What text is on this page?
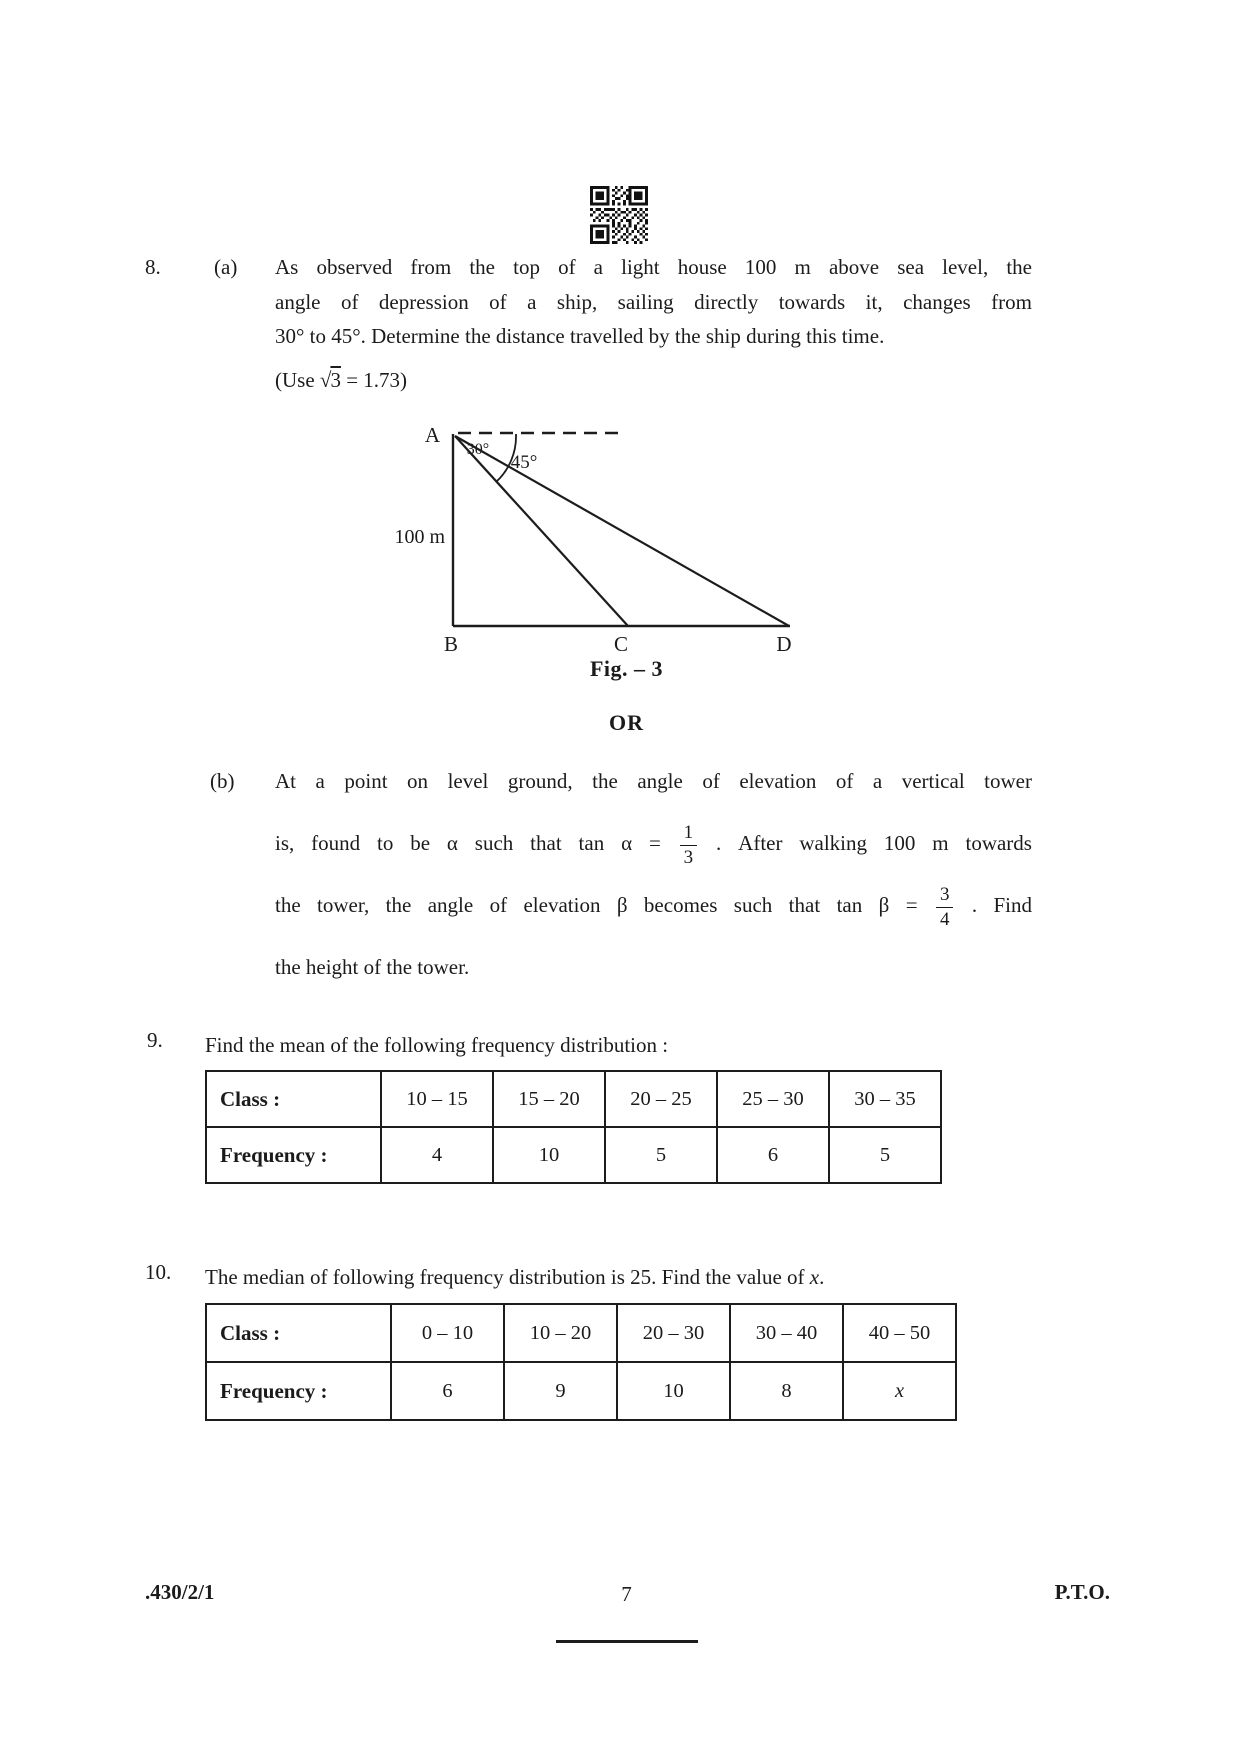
8.	(a) As observed from the top of a light house 100 m above sea level, the
angle of depression of a ship, sailing directly towards it, changes from
30° to 45°. Determine the distance travelled by the ship during this time.
(Use √3 = 1.73)
A
30°
45°
100 m
B	C	D
Fig. – 3
OR
(b) At a point on level ground, the angle of elevation of a vertical tower
is, found to be α such that $\tan \alpha = \frac{1}{3}$ . After walking 100 m towards
the tower, the angle of elevation β becomes such that $\tan \beta = \frac{3}{4}$ . Find
the height of the tower.
9. Find the mean of the following frequency distribution :
Class :	10 – 15	15 – 20	20 – 25	25 – 30	30 – 35
Frequency :	4	10	5	6	5
10. The median of following frequency distribution is 25. Find the value of x.
Class :	0 – 10	10 – 20	20 – 30	30 – 40	40 – 50
Frequency :	6	9	10	8	x
.430/2/1	7	P.T.O.
